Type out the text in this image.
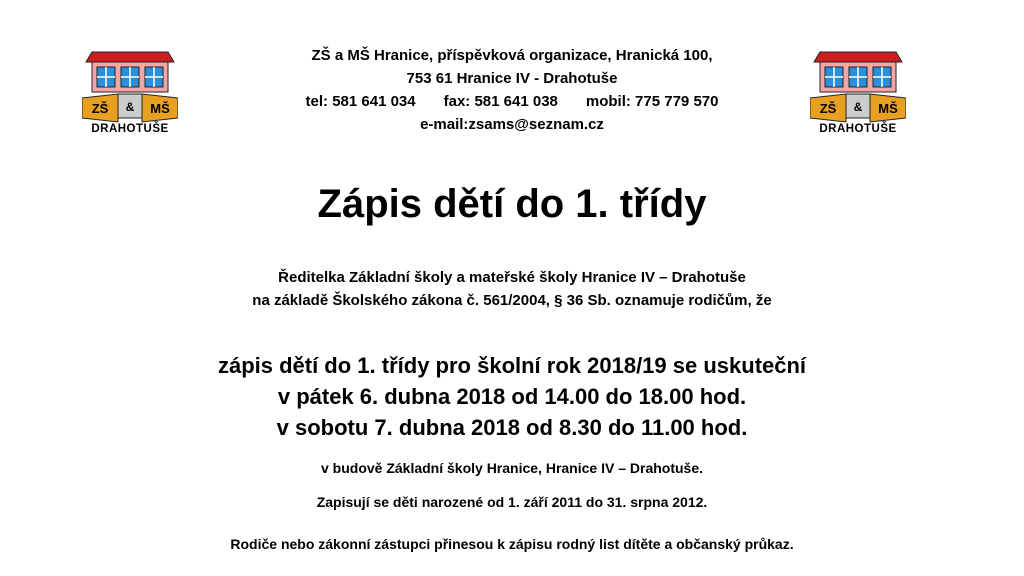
ZŠ & MŠ
DRAHOTUŠE
ZŠ & MŠ
DRAHOTUŠE
ZŠ a MŠ Hranice, příspěvková organizace, Hranická 100,
753 61 Hranice IV - Drahotuše
tel: 581 641 034 fax: 581 641 038 mobil: 775 779 570
e-mail:zsams@seznam.cz
Zápis dětí do 1. třídy
Ředitelka Základní školy a mateřské školy Hranice IV – Drahotuše
na základě Školského zákona č. 561/2004, § 36 Sb. oznamuje rodičům, že
zápis dětí do 1. třídy pro školní rok 2018/19 se uskuteční
v pátek 6. dubna 2018 od 14.00 do 18.00 hod.
v sobotu 7. dubna 2018 od 8.30 do 11.00 hod.
v budově Základní školy Hranice, Hranice IV – Drahotuše.
Zapisují se děti narozené od 1. září 2011 do 31. srpna 2012.
Rodiče nebo zákonní zástupci přinesou k zápisu rodný list dítěte a občanský průkaz.
